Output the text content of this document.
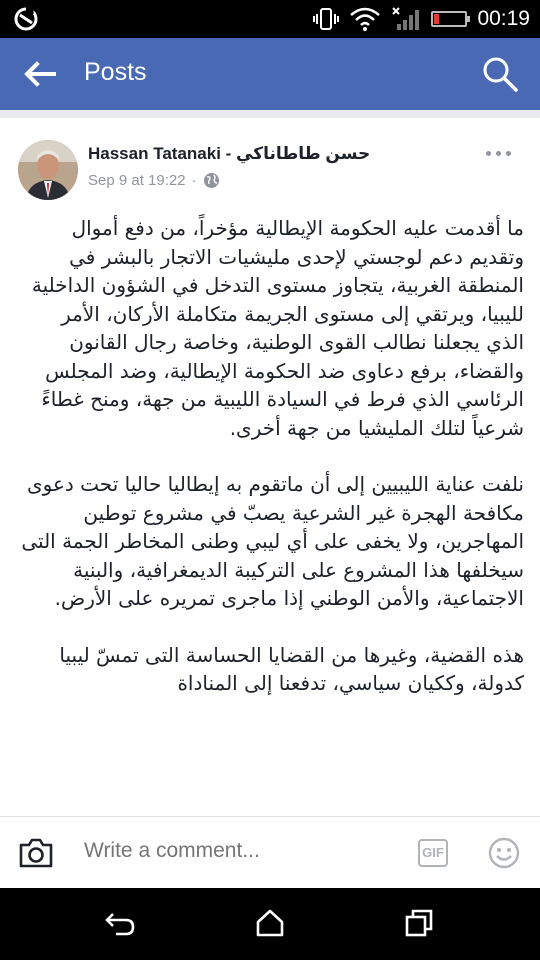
00:19
Posts
Hassan Tatanaki - حسن طاطاناكي
Sep 9 at 19:22 ·

ما أقدمت عليه الحكومة الإيطالية مؤخراً، من دفع أموال وتقديم دعم لوجستي لإحدى مليشيات الاتجار بالبشر في المنطقة الغربية، يتجاوز مستوى التدخل في الشؤون الداخلية لليبيا، ويرتقي إلى مستوى الجريمة متكاملة الأركان، الأمر الذي يجعلنا نطالب القوى الوطنية، وخاصة رجال القانون والقضاء، برفع دعاوى ضد الحكومة الإيطالية، وضد المجلس الرئاسي الذي فرط في السيادة الليبية من جهة، ومنح غطاءً شرعياً لتلك المليشيا من جهة أخرى.

نلفت عناية الليبيين إلى أن ماتقوم به إيطاليا حاليا تحت دعوى مكافحة الهجرة غير الشرعية يصبّ في مشروع توطين المهاجرين، ولا يخفى على أي ليبي وطنى المخاطر الجمة التى سيخلفها هذا المشروع على التركيبة الديمغرافية، والبنية الاجتماعية، والأمن الوطني إذا ماجرى تمريره على الأرض.

هذه القضية، وغيرها من القضايا الحساسة التى تمسّ ليبيا كدولة، وككيان سياسي، تدفعنا إلى المناداة

Write a comment...
GIF
